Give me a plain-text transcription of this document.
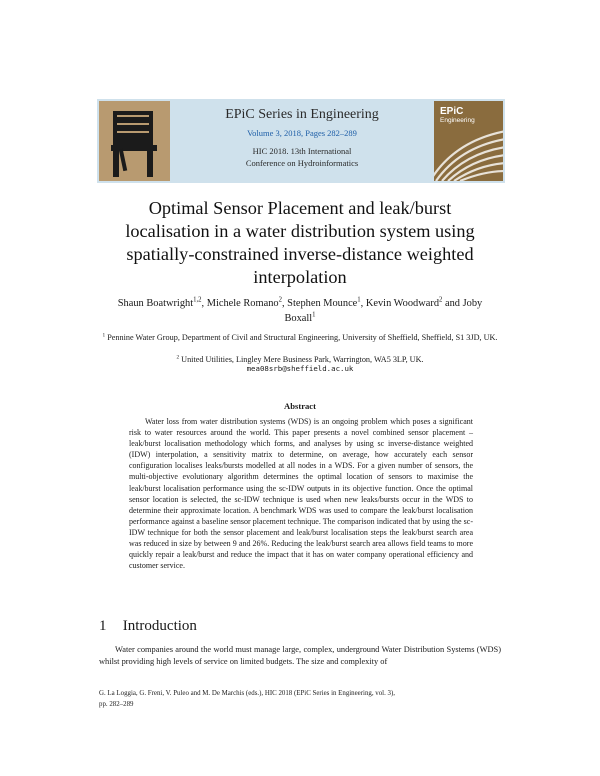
EPiC Series in Engineering
Volume 3, 2018, Pages 282–289
HIC 2018. 13th International
Conference on Hydroinformatics
EPiC
Engineering
Optimal Sensor Placement and leak/burst
localisation in a water distribution system using
spatially-constrained inverse-distance weighted
interpolation
Shaun Boatwright$^{1,2}$, Michele Romano$^2$, Stephen Mounce$^1$, Kevin Woodward$^2$ and Joby Boxall$^1$
$^1$ Pennine Water Group, Department of Civil and Structural Engineering, University of Sheffield, Sheffield, S1 3JD, UK.
$^2$ United Utilities, Lingley Mere Business Park, Warrington, WA5 3LP, UK.
mea08srb@sheffield.ac.uk
Abstract

Water loss from water distribution systems (WDS) is an ongoing problem which poses a significant risk to water resources around the world. This paper presents a novel combined sensor placement – leak/burst localisation methodology which forms, and analyses by using sc inverse-distance weighted (IDW) interpolation, a sensitivity matrix to determine, on average, how accurately each sensor configuration localises leaks/bursts modelled at all nodes in a WDS. For a given number of sensors, the multi-objective evolutionary algorithm determines the optimal location of sensors to maximise the leak/burst localisation performance using the sc-IDW outputs in its objective function. Once the optimal sensor location is selected, the sc-IDW technique is used when new leaks/bursts occur in the WDS to determine their approximate location. A benchmark WDS was used to compare the leak/burst localisation performance against a baseline sensor placement technique. The comparison indicated that by using the sc-IDW technique for both the sensor placement and leak/burst localisation steps the leak/burst search area was reduced in size by between 9 and 26%. Reducing the leak/burst search area allows field teams to more quickly repair a leak/burst and reduce the impact that it has on water company operational efficiency and customer service.

1 Introduction

Water companies around the world must manage large, complex, underground Water Distribution Systems (WDS) whilst providing high levels of service on limited budgets. The size and complexity of

G. La Loggia, G. Freni, V. Puleo and M. De Marchis (eds.), HIC 2018 (EPiC Series in Engineering, vol. 3),
pp. 282–289
